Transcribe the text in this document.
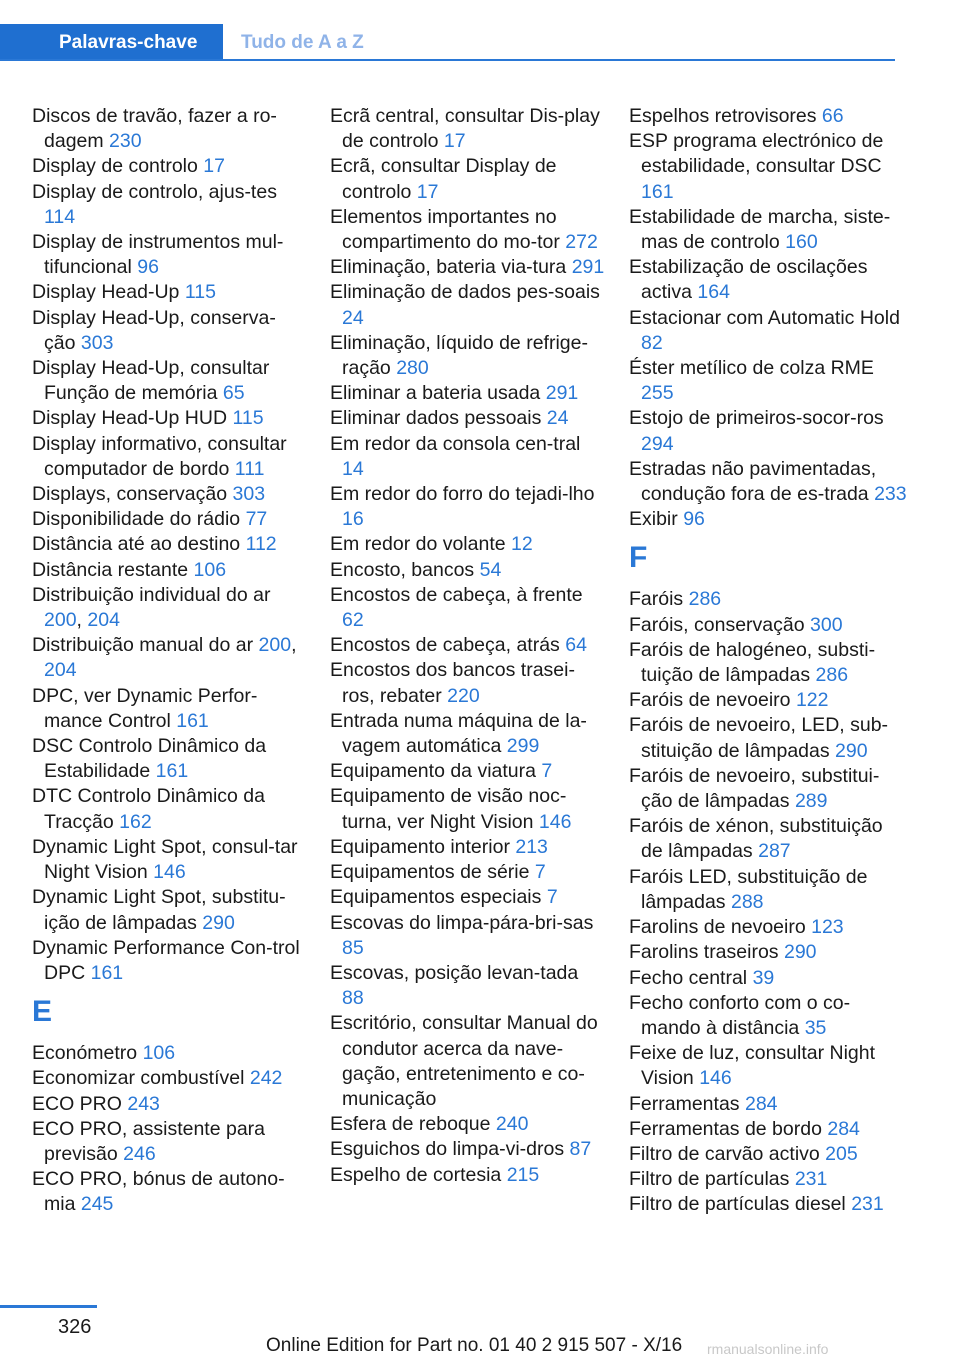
Palavras-chave	Tudo de A a Z
Discos de travão, fazer a ro-dagem 230
Display de controlo 17
Display de controlo, ajus-tes 114
Display de instrumentos mul-tifuncional 96
Display Head-Up 115
Display Head-Up, conserva-ção 303
Display Head-Up, consultar Função de memória 65
Display Head-Up HUD 115
Display informativo, consultar computador de bordo 111
Displays, conservação 303
Disponibilidade do rádio 77
Distância até ao destino 112
Distância restante 106
Distribuição individual do ar 200, 204
Distribuição manual do ar 200, 204
DPC, ver Dynamic Perfor-mance Control 161
DSC Controlo Dinâmico da Estabilidade 161
DTC Controlo Dinâmico da Tracção 162
Dynamic Light Spot, consul-tar Night Vision 146
Dynamic Light Spot, substitu-ição de lâmpadas 290
Dynamic Performance Con-trol DPC 161
E
Económetro 106
Economizar combustível 242
ECO PRO 243
ECO PRO, assistente para previsão 246
ECO PRO, bónus de autono-mia 245
Ecrã central, consultar Dis-play de controlo 17
Ecrã, consultar Display de controlo 17
Elementos importantes no compartimento do mo-tor 272
Eliminação, bateria via-tura 291
Eliminação de dados pes-soais 24
Eliminação, líquido de refrige-ração 280
Eliminar a bateria usada 291
Eliminar dados pessoais 24
Em redor da consola cen-tral 14
Em redor do forro do tejadi-lho 16
Em redor do volante 12
Encosto, bancos 54
Encostos de cabeça, à frente 62
Encostos de cabeça, atrás 64
Encostos dos bancos trasei-ros, rebater 220
Entrada numa máquina de la-vagem automática 299
Equipamento da viatura 7
Equipamento de visão noc-turna, ver Night Vision 146
Equipamento interior 213
Equipamentos de série 7
Equipamentos especiais 7
Escovas do limpa-pára-bri-sas 85
Escovas, posição levan-tada 88
Escritório, consultar Manual do condutor acerca da nave-gação, entretenimento e co-municação
Esfera de reboque 240
Esguichos do limpa-vi-dros 87
Espelho de cortesia 215
Espelhos retrovisores 66
ESP programa electrónico de estabilidade, consultar DSC 161
Estabilidade de marcha, siste-mas de controlo 160
Estabilização de oscilações activa 164
Estacionar com Automatic Hold 82
Éster metílico de colza RME 255
Estojo de primeiros-socor-ros 294
Estradas não pavimentadas, condução fora de es-trada 233
Exibir 96
F
Faróis 286
Faróis, conservação 300
Faróis de halogéneo, substi-tuição de lâmpadas 286
Faróis de nevoeiro 122
Faróis de nevoeiro, LED, sub-stituição de lâmpadas 290
Faróis de nevoeiro, substitui-ção de lâmpadas 289
Faróis de xénon, substituição de lâmpadas 287
Faróis LED, substituição de lâmpadas 288
Farolins de nevoeiro 123
Farolins traseiros 290
Fecho central 39
Fecho conforto com o co-mando à distância 35
Feixe de luz, consultar Night Vision 146
Ferramentas 284
Ferramentas de bordo 284
Filtro de carvão activo 205
Filtro de partículas 231
Filtro de partículas diesel 231
326
Online Edition for Part no. 01 40 2 915 507 - X/16 rmanualsonline.info
